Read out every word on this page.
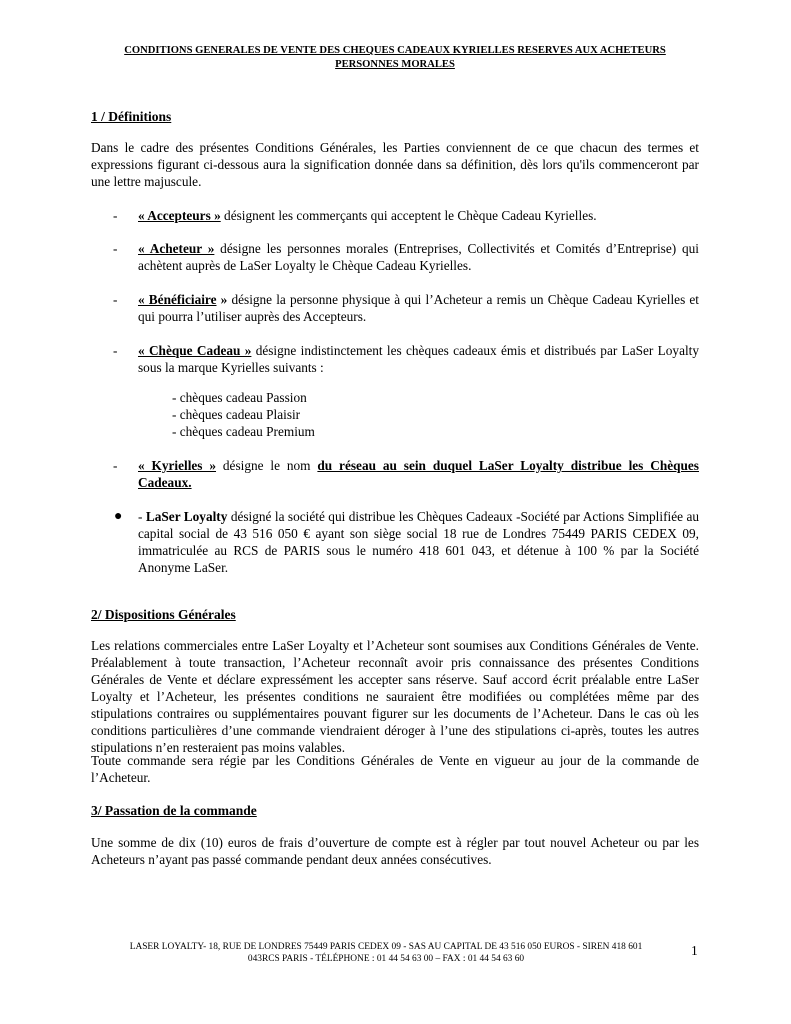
CONDITIONS GENERALES DE VENTE DES CHEQUES CADEAUX KYRIELLES RESERVES AUX ACHETEURS
PERSONNES MORALES
1 / Définitions
Dans le cadre des présentes Conditions Générales, les Parties conviennent de ce que chacun des termes et expressions figurant ci-dessous aura la signification donnée dans sa définition, dès lors qu'ils commenceront par une lettre majuscule.
- « Accepteurs » désignent les commerçants qui acceptent le Chèque Cadeau Kyrielles.
- « Acheteur » désigne les personnes morales (Entreprises, Collectivités et Comités d’Entreprise) qui achètent auprès de LaSer Loyalty le Chèque Cadeau Kyrielles.
- « Bénéficiaire » désigne la personne physique à qui l’Acheteur a remis un Chèque Cadeau Kyrielles et qui pourra l’utiliser auprès des Accepteurs.
- « Chèque Cadeau » désigne indistinctement les chèques cadeaux émis et distribués par LaSer Loyalty sous la marque Kyrielles suivants :
- chèques cadeau Passion
- chèques cadeau Plaisir
- chèques cadeau Premium
- « Kyrielles » désigne le nom du réseau au sein duquel LaSer Loyalty distribue les Chèques Cadeaux.
● - LaSer Loyalty désigné la société qui distribue les Chèques Cadeaux -Société par Actions Simplifiée au capital social de 43 516 050 € ayant son siège social 18 rue de Londres 75449 PARIS CEDEX 09, immatriculée au RCS de PARIS sous le numéro 418 601 043, et détenue à 100 % par la Société Anonyme LaSer.
2/ Dispositions Générales
Les relations commerciales entre LaSer Loyalty et l’Acheteur sont soumises aux Conditions Générales de Vente. Préalablement à toute transaction, l’Acheteur reconnaît avoir pris connaissance des présentes Conditions Générales de Vente et déclare expressément les accepter sans réserve. Sauf accord écrit préalable entre LaSer Loyalty et l’Acheteur, les présentes conditions ne sauraient être modifiées ou complétées même par des stipulations contraires ou supplémentaires pouvant figurer sur les documents de l’Acheteur. Dans le cas où les conditions particulières d’une commande viendraient déroger à l’une des stipulations ci-après, toutes les autres stipulations n’en resteraient pas moins valables.
Toute commande sera régie par les Conditions Générales de Vente en vigueur au jour de la commande de l’Acheteur.
3/ Passation de la commande
Une somme de dix (10) euros de frais d’ouverture de compte est à régler par tout nouvel Acheteur ou par les Acheteurs n’ayant pas passé commande pendant deux années consécutives.
LASER LOYALTY- 18, RUE DE LONDRES 75449 PARIS CEDEX 09 - SAS AU CAPITAL DE 43 516 050 EUROS - SIREN 418 601
043RCS PARIS - TÉLÉPHONE : 01 44 54 63 00 – FAX : 01 44 54 63 60
1
